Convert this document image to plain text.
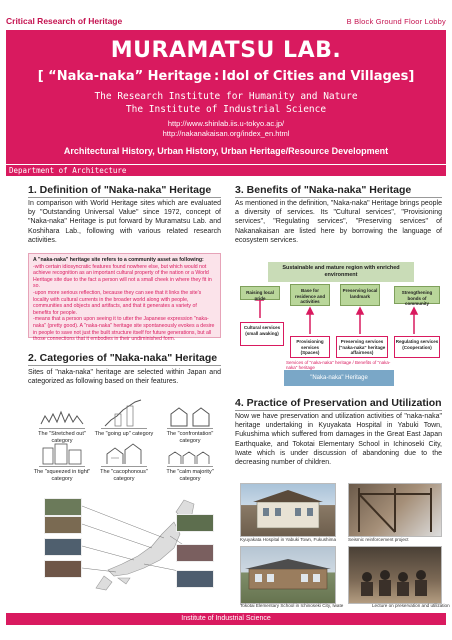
Critical Research of Heritage	B Block Ground Floor Lobby
MURAMATSU LAB.
[ “Naka-naka” Heritage : Idol of Cities and Villages]
The Research Institute for Humanity and Nature
The Institute of Industrial Science
http://www.shinlab.iis.u-tokyo.ac.jp/
http://nakanakaisan.org/index_en.html
Architectural History, Urban History, Urban Heritage/Resource Development
Department of Architecture
1. Definition of "Naka-naka" Heritage
In comparison with World Heritage sites which are evaluated by "Outstanding Universal Value" since 1972, concept of "Naka-naka" Heritage is put forward by Muramatsu Lab. and Koshihara Lab., following with various related research activities.
A "naka-naka" heritage site refers to a community asset as following:
-with certain idiosyncratic features found nowhere else, but which would not achieve recognition as an important cultural property of the nation or a World Heritage site due to the fact a person will not a small cheek in where they fit in so.
-upon more serious reflection, because they can see that it links the site's locality with cultural currents in the broader world along with people, communities and objects and artifacts, and that it generates a variety of benefits for people.
-means that a person upon seeing it to utter the Japanese expression "naka-naka" (pretty good). A "naka-naka" heritage site spontaneously evokes a desire in people to save not just the built structure itself for future generations, but all those connections that it embodies in their undiminished form.
2. Categories of "Naka-naka" Heritage
Sites of "naka-naka" heritage are selected within Japan and categorized as following based on their features.
The "Stretched out" category
The "going up" category	The "confrontation" category
The "squeezed in tight" category
The "cacophonous" category
The "calm majority" category
3. Benefits of "Naka-naka" Heritage
As mentioned in the definition, "Naka-naka" Heritage brings people a diversity of services. Its "Cultural services", "Provisioning services", "Regulating services", "Preserving services" of Nakanakaisan are listed here by borrowing the language of ecosystem services.
Sustainable and mature region with enriched environment
Raising local pride
Base for residence and activities
Preserving local landmark
Strengthening bonds of community
Cultural services (small awaking)
Provisioning services (Spaces)
Preserving services ("naka-naka" heritage affairness)
Regulating services (Cooperation)
Services of "naka-naka" heritage / Benefits of "naka-naka" heritage
"Naka-naka" Heritage
4. Practice of Preservation and Utilization
Now we have preservation and utilization activities of "naka-naka" heritage undertaking in Kyuyakata Hospital in Yabuki Town, Fukushima which suffered from damages in the Great East Japan Earthquake, and Tokotai Elementary School in Ichinoseki City, Iwate which is under discussion of abandoning due to the decreasing number of children.
Kyuyakata Hospital in Yabuki Town, Fukushima	Seismic reinforcement project
Tokotai Elementary School in Ichinoseki City, Iwate	Lecture on preservation and utilization
Institute of Industrial Science
